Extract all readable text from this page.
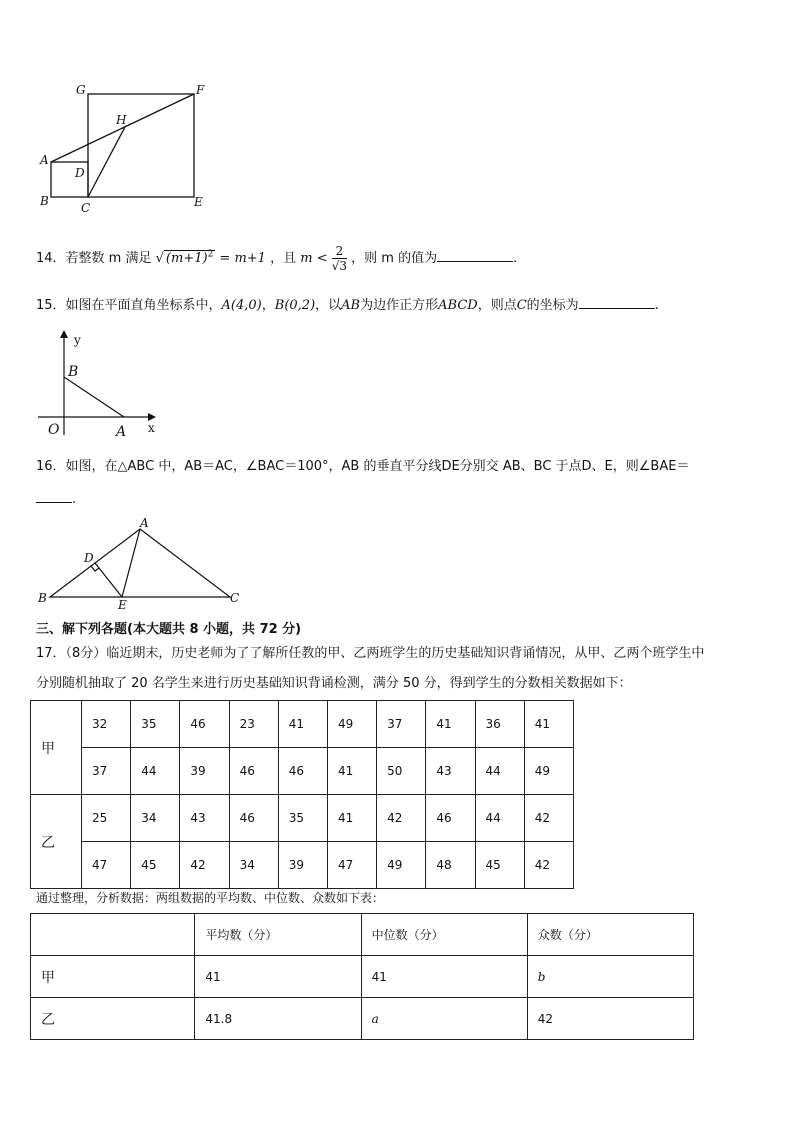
G	F
H
A
D
B	C	E
14．若整数 m 满足 √ $(m+1)^2 = m+1$ ，且 $m < \frac{2}{√3}$ ，则 m 的值为	.
15．如图在平面直角坐标系中，A(4,0)，B(0,2)，以AB为边作正方形ABCD，则点C的坐标为	.
y
x
O	A
B
16．如图，在△ABC 中，AB＝AC，∠BAC＝100°，AB 的垂直平分线DE分别交 AB、BC 于点D、E，则∠BAE＝
.
A
B	C
D
E
三、解下列各题(本大题共 8 小题，共 72 分)
17．（8分）临近期末，历史老师为了了解所任教的甲、乙两班学生的历史基础知识背诵情况，从甲、乙两个班学生中
分别随机抽取了 20 名学生来进行历史基础知识背诵检测，满分 50 分，得到学生的分数相关数据如下：
甲	32	35	46	23	41	49	37	41	36	41
	37	44	39	46	46	41	50	43	44	49
乙	25	34	43	46	35	41	42	46	44	42
	47	45	42	34	39	47	49	48	45	42
通过整理，分析数据：两组数据的平均数、中位数、众数如下表：
	平均数（分）	中位数（分）	众数（分）
甲	41	41	b
乙	41.8	a	42
